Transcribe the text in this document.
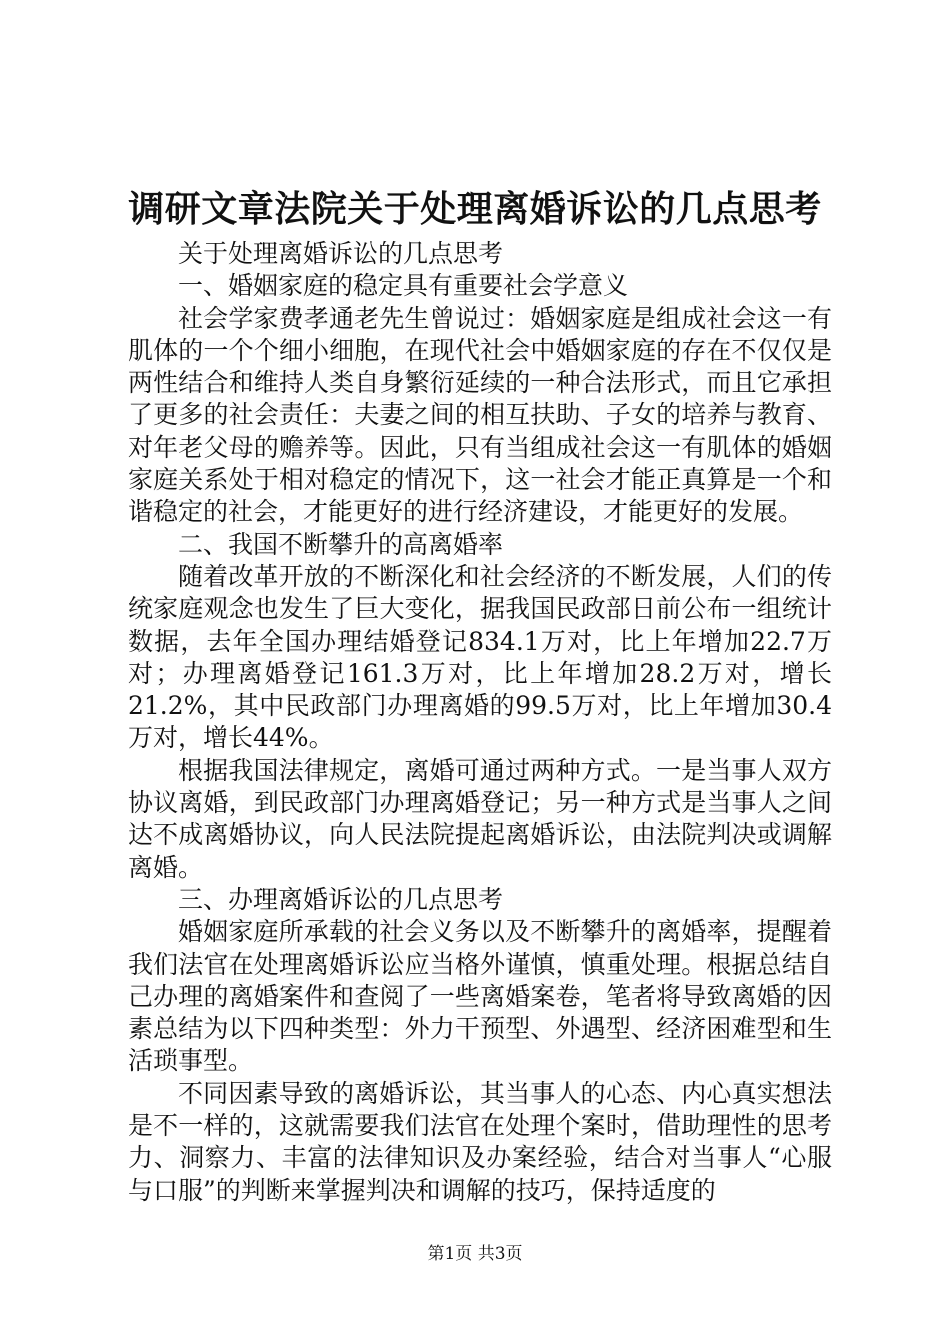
调研文章法院关于处理离婚诉讼的几点思考

关于处理离婚诉讼的几点思考

一、婚姻家庭的稳定具有重要社会学意义

社会学家费孝通老先生曾说过：婚姻家庭是组成社会这一有肌体的一个个细小细胞，在现代社会中婚姻家庭的存在不仅仅是两性结合和维持人类自身繁衍延续的一种合法形式，而且它承担了更多的社会责任：夫妻之间的相互扶助、子女的培养与教育、对年老父母的赡养等。因此，只有当组成社会这一有肌体的婚姻家庭关系处于相对稳定的情况下，这一社会才能正真算是一个和谐稳定的社会，才能更好的进行经济建设，才能更好的发展。

二、我国不断攀升的高离婚率

随着改革开放的不断深化和社会经济的不断发展，人们的传统家庭观念也发生了巨大变化，据我国民政部日前公布一组统计数据，去年全国办理结婚登记834.1万对，比上年增加22.7万对；办理离婚登记161.3万对，比上年增加28.2万对，增长21.2%，其中民政部门办理离婚的99.5万对，比上年增加30.4万对，增长44%。

根据我国法律规定，离婚可通过两种方式。一是当事人双方协议离婚，到民政部门办理离婚登记；另一种方式是当事人之间达不成离婚协议，向人民法院提起离婚诉讼，由法院判决或调解离婚。

三、办理离婚诉讼的几点思考

婚姻家庭所承载的社会义务以及不断攀升的离婚率，提醒着我们法官在处理离婚诉讼应当格外谨慎，慎重处理。根据总结自己办理的离婚案件和查阅了一些离婚案卷，笔者将导致离婚的因素总结为以下四种类型：外力干预型、外遇型、经济困难型和生活琐事型。

不同因素导致的离婚诉讼，其当事人的心态、内心真实想法是不一样的，这就需要我们法官在处理个案时，借助理性的思考力、洞察力、丰富的法律知识及办案经验，结合对当事人“心服与口服”的判断来掌握判决和调解的技巧，保持适度的

第1页 共3页
